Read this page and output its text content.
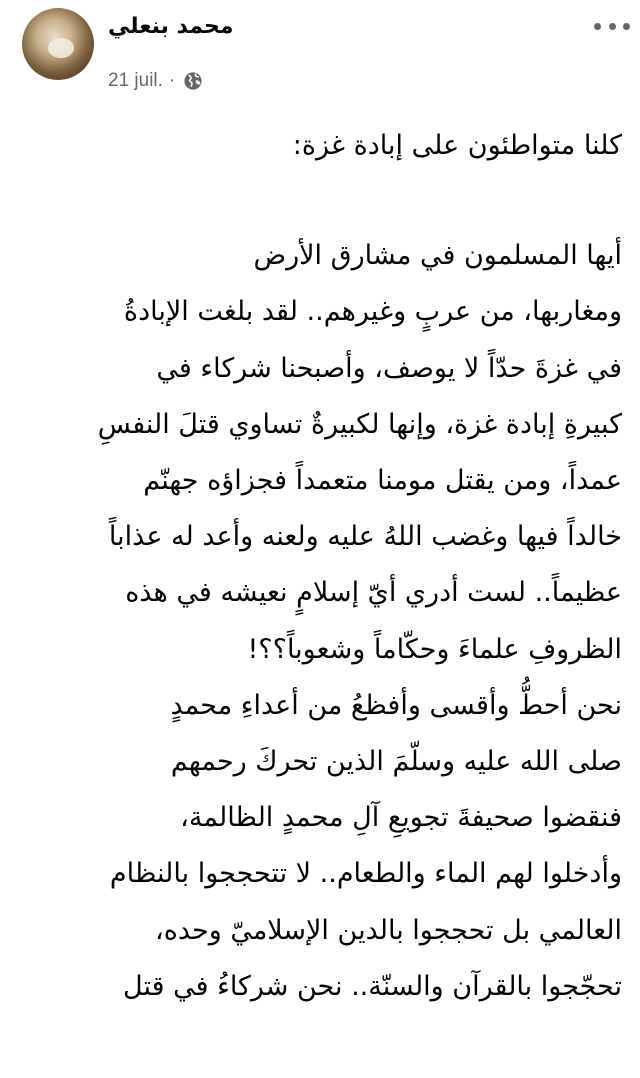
محمد بنعلي
21 juil. ·

كلنا متواطئون على إبادة غزة:

أيها المسلمون في مشارق الأرض

ومغاربها، من عربٍ وغيرهم.. لقد بلغت الإبادةُ

في غزةَ حدّاً لا يوصف، وأصبحنا شركاء في

كبيرةِ إبادة غزة، وإنها لكبيرةٌ تساوي قتلَ النفسِ

عمداً، ومن يقتل مومنا متعمداً فجزاؤه جهنّم

خالداً فيها وغضب اللهُ عليه ولعنه وأعد له عذاباً

عظيماً.. لست أدري أيّ إسلامٍ نعيشه في هذه

الظروفِ علماءَ وحكّاماً وشعوباً؟؟!

نحن أحطُّ وأقسى وأفظعُ من أعداءِ محمدٍ

صلى الله عليه وسلّمَ الذين تحركَ رحمهم

فنقضوا صحيفةَ تجويعِ آلِ محمدٍ الظالمة،

وأدخلوا لهم الماء والطعام.. لا تتحججوا بالنظام

العالمي بل تحججوا بالدين الإسلاميّ وحده،

تحجّجوا بالقرآن والسنّة.. نحن شركاءُ في قتل
